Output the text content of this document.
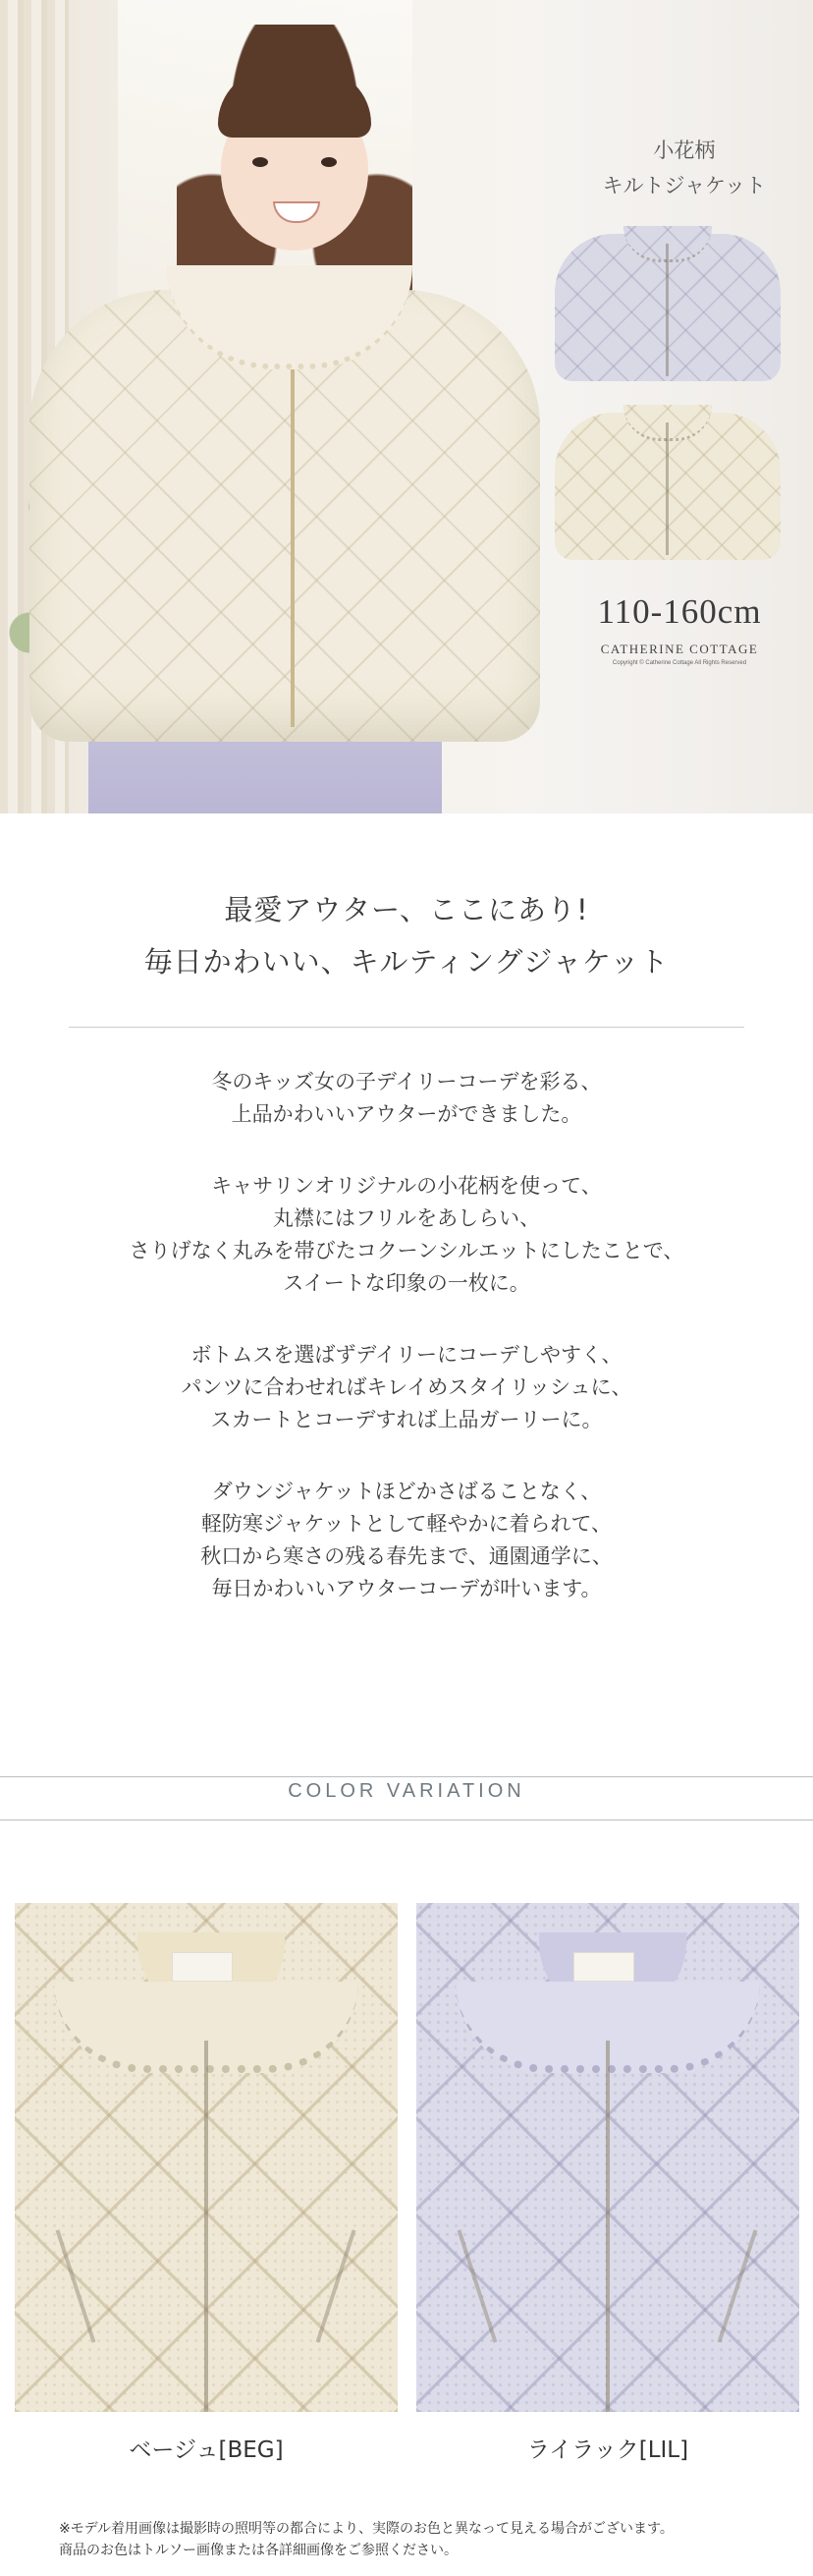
小花柄
キルトジャケット
110-160cm
CATHERINE COTTAGE
Copyright © Catherine Cottage All Rights Reserved
最愛アウター、ここにあり!
毎日かわいい、キルティングジャケット

冬のキッズ女の子デイリーコーデを彩る、
上品かわいいアウターができました。

キャサリンオリジナルの小花柄を使って、
丸襟にはフリルをあしらい、
さりげなく丸みを帯びたコクーンシルエットにしたことで、
スイートな印象の一枚に。

ボトムスを選ばずデイリーにコーデしやすく、
パンツに合わせればキレイめスタイリッシュに、
スカートとコーデすれば上品ガーリーに。

ダウンジャケットほどかさばることなく、
軽防寒ジャケットとして軽やかに着られて、
秋口から寒さの残る春先まで、通園通学に、
毎日かわいいアウターコーデが叶います。

COLOR VARIATION
ベージュ[BEG]	ライラック[LIL]
※モデル着用画像は撮影時の照明等の都合により、実際のお色と異なって見える場合がございます。
商品のお色はトルソー画像または各詳細画像をご参照ください。
